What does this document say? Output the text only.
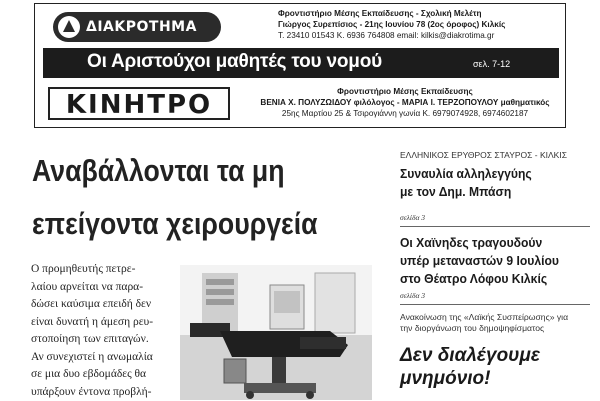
ΔΙΑΚΡΟΤΗΜΑ
Φροντιστήριο Μέσης Εκπαίδευσης - Σχολική Μελέτη
Γιώργος Συρεπίσιος - 21ης Ιουνίου 78 (2ος όροφος) Κιλκίς
Τ. 23410 01543 Κ. 6936 764808 email: kilkis@diakrotima.gr
Οι Αριστούχοι μαθητές του νομού	σελ. 7-12
ΚΙΝΗΤΡΟ	Φροντιστήριο Μέσης Εκπαίδευσης
ΒΕΝΙΑ Χ. ΠΟΛΥΖΩΙΔΟΥ φιλόλογος - ΜΑΡΙΑ Ι. ΤΕΡΖΟΠΟΥΛΟΥ μαθηματικός
25ης Μαρτίου 25 & Τσιρογιάννη γωνία Κ. 6979074928, 6974602187
Αναβάλλονται τα μη
επείγοντα χειρουργεία
Ο προμηθευτής πετρε-
λαίου αρνείται να παρα-
δώσει καύσιμα επειδή δεν
είναι δυνατή η άμεση ρευ-
στοποίηση των επιταγών.
Αν συνεχιστεί η ανωμαλία
σε μια δυο εβδομάδες θα
υπάρξουν έντονα προβλή-
ΕΛΛΗΝΙΚΟΣ ΕΡΥΘΡΟΣ ΣΤΑΥΡΟΣ - ΚΙΛΚΙΣ
Συναυλία αλληλεγγύης
με τον Δημ. Μπάση
σελίδα 3
Οι Χαϊνηδες τραγουδούν
υπέρ μεταναστών 9 Ιουλίου
στο Θέατρο Λόφου Κιλκίς
σελίδα 3
Ανακοίνωση της «Λαϊκής Συσπείρωσης» για
την διοργάνωση του δημοψηφίσματος
Δεν διαλέγουμε
μνημόνιο!
